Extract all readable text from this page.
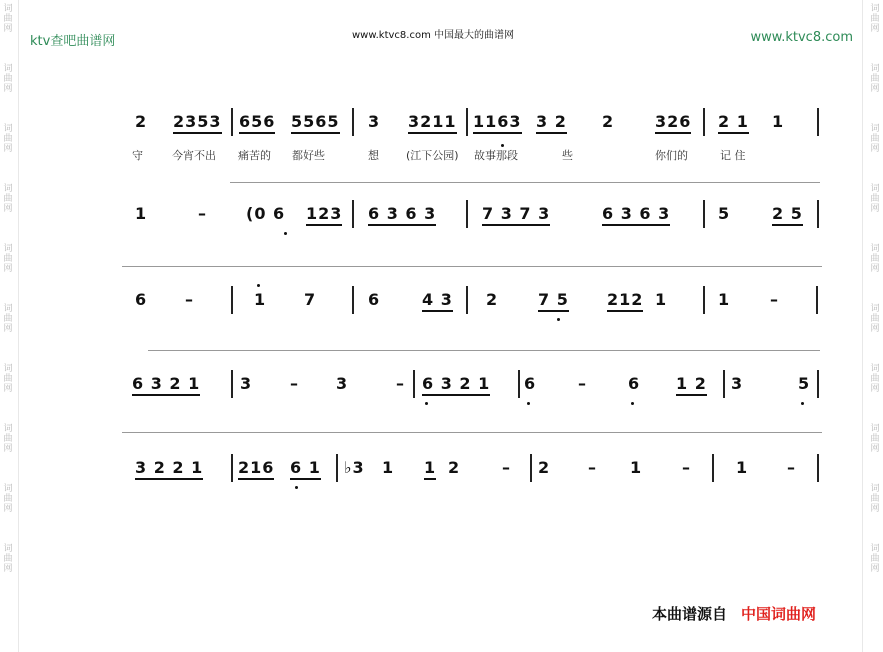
词曲网
词曲网
词曲网
词曲网
词曲网
词曲网
词曲网
词曲网
词曲网
词曲网
词曲网
词曲网
词曲网
词曲网
词曲网
词曲网
词曲网
词曲网
词曲网
词曲网
ktv查吧曲谱网	www.ktvc8.com 中国最大的曲谱网	www.ktvc8.com
2 2353 656 5565 3 3211 1163 3 2 2	326 2 1 1
守	今宵不出 痛苦的 都好些	想 (江下公园) 故事那段	些	你们的	记 住
1	– (0 6 123 6 3 6 3	7 3 7 3	6 3 6 3	5	2 5
6 –	1 7	6	4 3 2 7 5 212 1	1 –
6 3 2 1 3 – 3	– 6 3 2 1 6	–	6 1 2 3	5
3 2 2 1 216 6 1 ♭3 1 1 2	– 2 – 1 –	1 –
本曲谱源自 中国词曲网
